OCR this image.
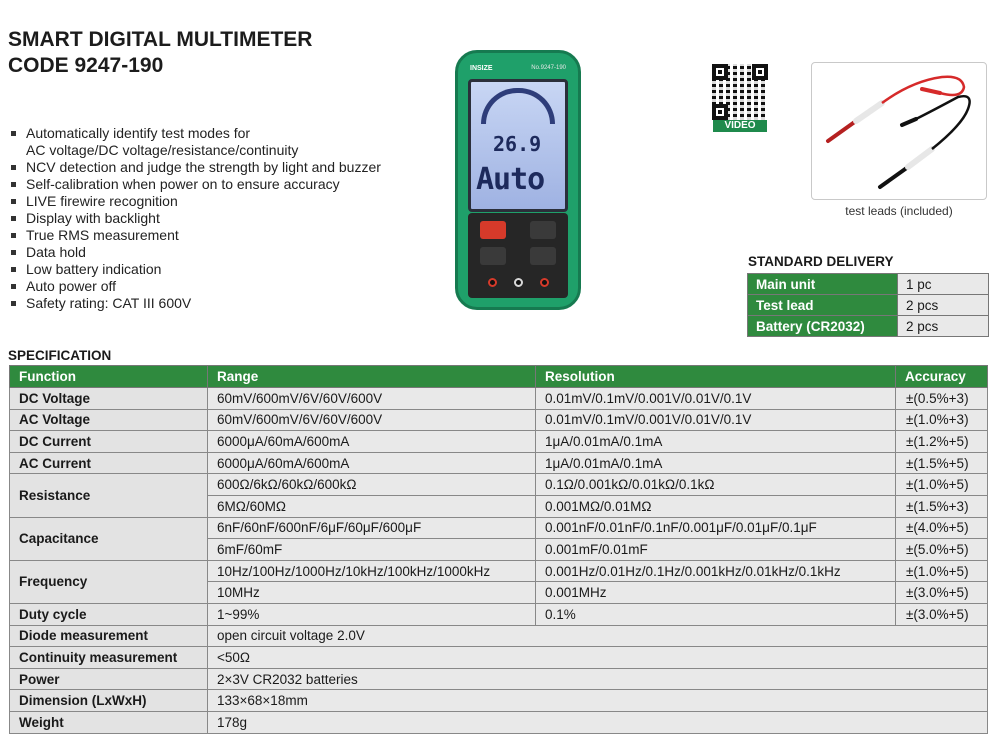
SMART DIGITAL MULTIMETER
CODE 9247-190
Automatically identify test modes for
AC voltage/DC voltage/resistance/continuity
NCV detection and judge the strength by light and buzzer
Self-calibration when power on to ensure accuracy
LIVE firewire recognition
Display with backlight
True RMS measurement
Data hold
Low battery indication
Auto power off
Safety rating: CAT III 600V
INSIZE	No.9247-190
26.9
Auto
VIDEO
test leads (included)
STANDARD DELIVERY
Main unit	1 pc
Test lead	2 pcs
Battery (CR2032)	2 pcs
SPECIFICATION
Function	Range	Resolution	Accuracy
DC Voltage	60mV/600mV/6V/60V/600V	0.01mV/0.1mV/0.001V/0.01V/0.1V	±(0.5%+3)
AC Voltage	60mV/600mV/6V/60V/600V	0.01mV/0.1mV/0.001V/0.01V/0.1V	±(1.0%+3)
DC Current	6000μA/60mA/600mA	1μA/0.01mA/0.1mA	±(1.2%+5)
AC Current	6000μA/60mA/600mA	1μA/0.01mA/0.1mA	±(1.5%+5)
Resistance	600Ω/6kΩ/60kΩ/600kΩ	0.1Ω/0.001kΩ/0.01kΩ/0.1kΩ	±(1.0%+5)
	6MΩ/60MΩ	0.001MΩ/0.01MΩ	±(1.5%+3)
Capacitance	6nF/60nF/600nF/6μF/60μF/600μF	0.001nF/0.01nF/0.1nF/0.001μF/0.01μF/0.1μF	±(4.0%+5)
	6mF/60mF	0.001mF/0.01mF	±(5.0%+5)
Frequency	10Hz/100Hz/1000Hz/10kHz/100kHz/1000kHz	0.001Hz/0.01Hz/0.1Hz/0.001kHz/0.01kHz/0.1kHz	±(1.0%+5)
	10MHz	0.001MHz	±(3.0%+5)
Duty cycle	1~99%	0.1%	±(3.0%+5)
Diode measurement	open circuit voltage 2.0V		
Continuity measurement	<50Ω		
Power	2×3V CR2032 batteries		
Dimension (LxWxH)	133×68×18mm		
Weight	178g		
